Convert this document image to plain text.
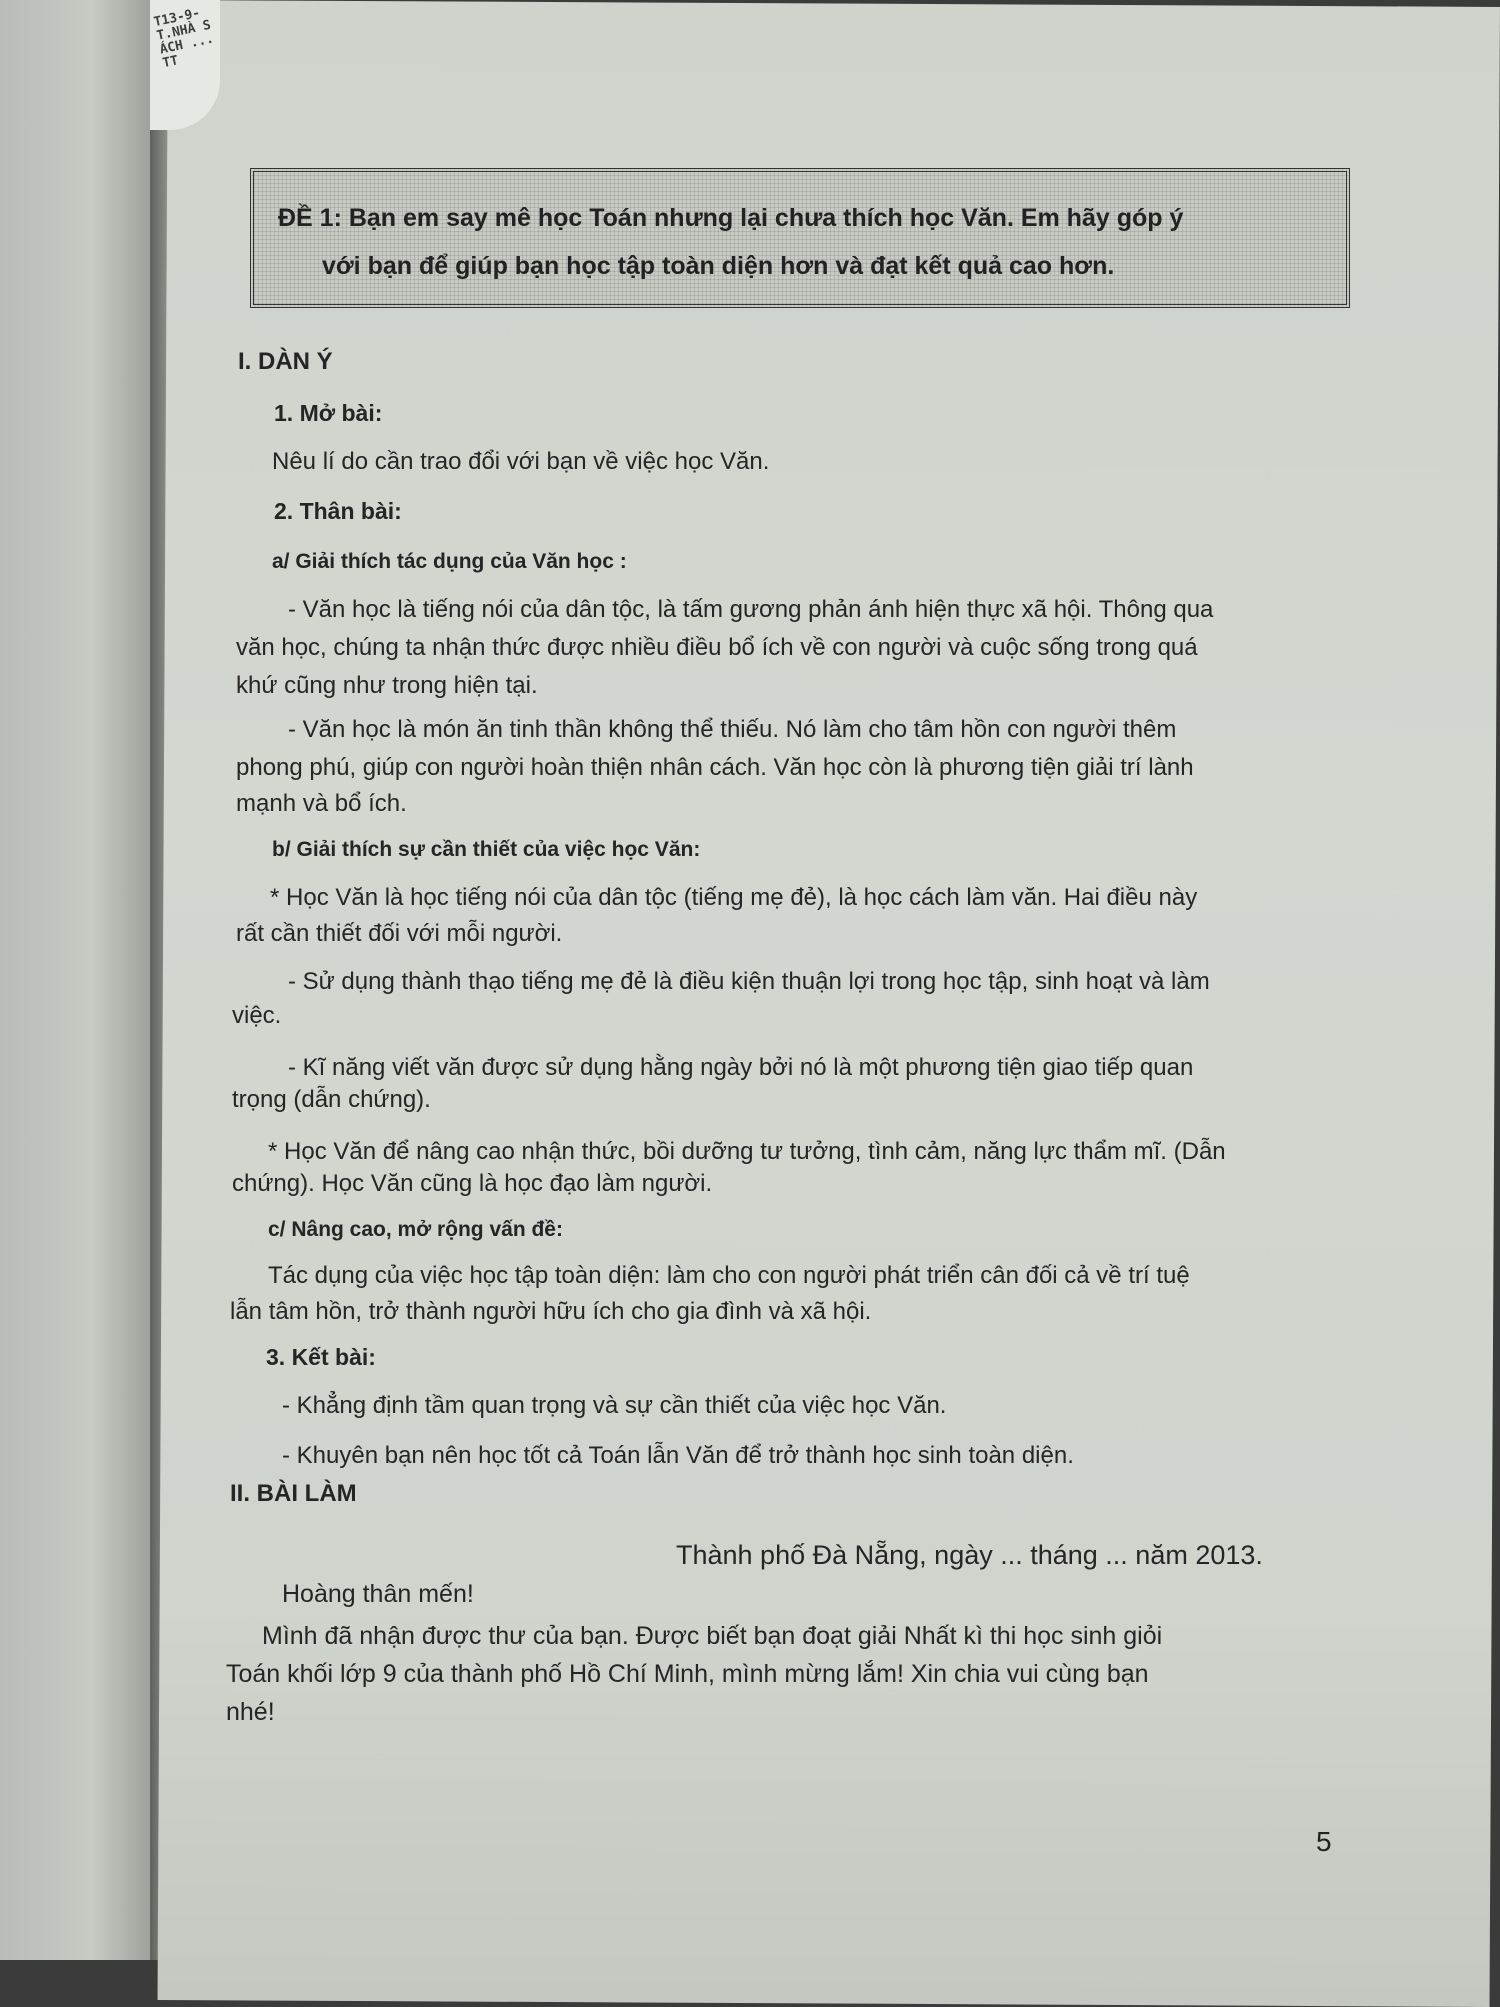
T13-9-T.NHÀ SÁCH ...TT
ĐỀ 1: Bạn em say mê học Toán nhưng lại chưa thích học Văn. Em hãy góp ý
với bạn để giúp bạn học tập toàn diện hơn và đạt kết quả cao hơn.
I. DÀN Ý
1. Mở bài:
Nêu lí do cần trao đổi với bạn về việc học Văn.
2. Thân bài:
a/ Giải thích tác dụng của Văn học :
- Văn học là tiếng nói của dân tộc, là tấm gương phản ánh hiện thực xã hội. Thông qua
văn học, chúng ta nhận thức được nhiều điều bổ ích về con người và cuộc sống trong quá
khứ cũng như trong hiện tại.
- Văn học là món ăn tinh thần không thể thiếu. Nó làm cho tâm hồn con người thêm
phong phú, giúp con người hoàn thiện nhân cách. Văn học còn là phương tiện giải trí lành
mạnh và bổ ích.
b/ Giải thích sự cần thiết của việc học Văn:
* Học Văn là học tiếng nói của dân tộc (tiếng mẹ đẻ), là học cách làm văn. Hai điều này
rất cần thiết đối với mỗi người.
- Sử dụng thành thạo tiếng mẹ đẻ là điều kiện thuận lợi trong học tập, sinh hoạt và làm
việc.
- Kĩ năng viết văn được sử dụng hằng ngày bởi nó là một phương tiện giao tiếp quan
trọng (dẫn chứng).
* Học Văn để nâng cao nhận thức, bồi dưỡng tư tưởng, tình cảm, năng lực thẩm mĩ. (Dẫn
chứng). Học Văn cũng là học đạo làm người.
c/ Nâng cao, mở rộng vấn đề:
Tác dụng của việc học tập toàn diện: làm cho con người phát triển cân đối cả về trí tuệ
lẫn tâm hồn, trở thành người hữu ích cho gia đình và xã hội.
3. Kết bài:
- Khẳng định tầm quan trọng và sự cần thiết của việc học Văn.
- Khuyên bạn nên học tốt cả Toán lẫn Văn để trở thành học sinh toàn diện.
II. BÀI LÀM
Thành phố Đà Nẵng, ngày ... tháng ... năm 2013.
Hoàng thân mến!
Mình đã nhận được thư của bạn. Được biết bạn đoạt giải Nhất kì thi học sinh giỏi
Toán khối lớp 9 của thành phố Hồ Chí Minh, mình mừng lắm! Xin chia vui cùng bạn
nhé!
5
